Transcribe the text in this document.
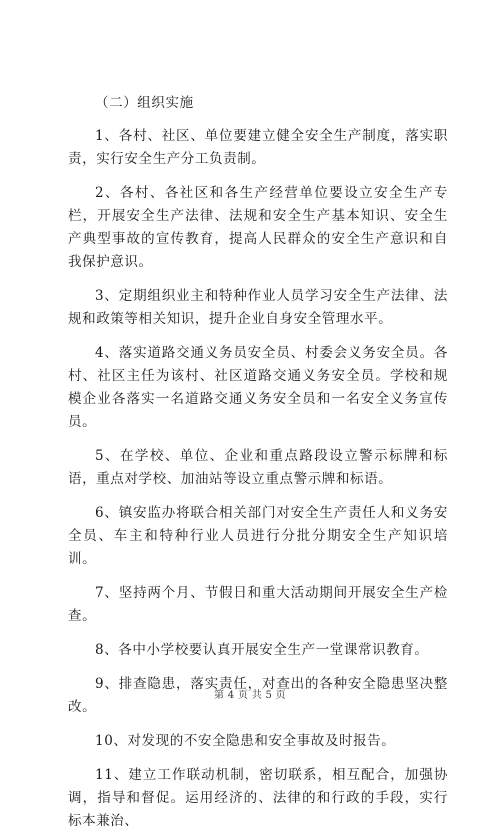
（二）组织实施

1、各村、社区、单位要建立健全安全生产制度，落实职责，实行安全生产分工负责制。

2、各村、各社区和各生产经营单位要设立安全生产专栏，开展安全生产法律、法规和安全生产基本知识、安全生产典型事故的宣传教育，提高人民群众的安全生产意识和自我保护意识。

3、定期组织业主和特种作业人员学习安全生产法律、法规和政策等相关知识，提升企业自身安全管理水平。

4、落实道路交通义务员安全员、村委会义务安全员。各村、社区主任为该村、社区道路交通义务安全员。学校和规模企业各落实一名道路交通义务安全员和一名安全义务宣传员。

5、在学校、单位、企业和重点路段设立警示标牌和标语，重点对学校、加油站等设立重点警示牌和标语。

6、镇安监办将联合相关部门对安全生产责任人和义务安全员、车主和特种行业人员进行分批分期安全生产知识培训。

7、坚持两个月、节假日和重大活动期间开展安全生产检查。

8、各中小学校要认真开展安全生产一堂课常识教育。

9、排查隐患，落实责任，对查出的各种安全隐患坚决整改。

10、对发现的不安全隐患和安全事故及时报告。

11、建立工作联动机制，密切联系，相互配合，加强协调，指导和督促。运用经济的、法律的和行政的手段，实行标本兼治、

第 4 页 共 5 页
